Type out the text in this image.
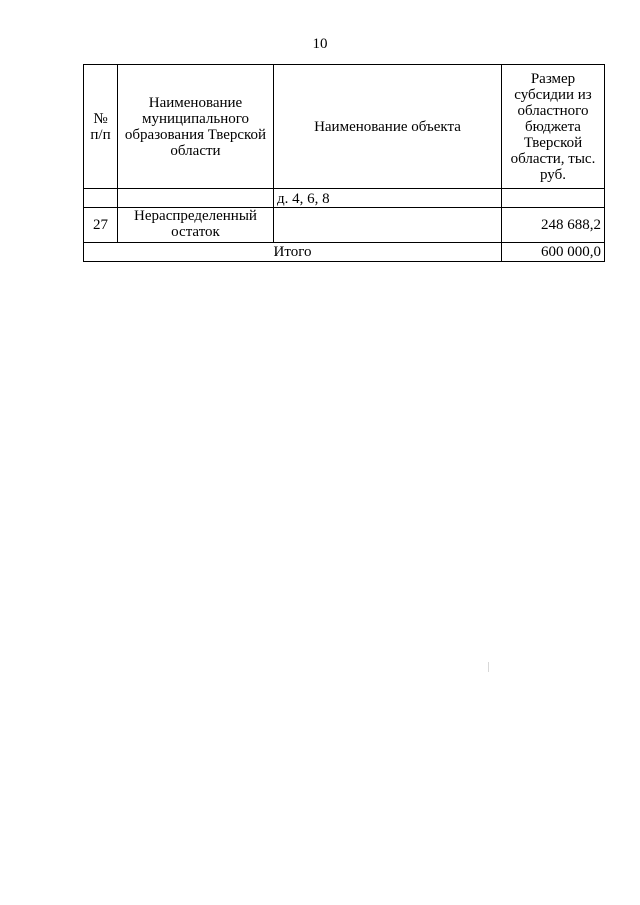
10
№ п/п	Наименование муниципального образования Тверской области	Наименование объекта	Размер субсидии из областного бюджета Тверской области, тыс. руб.
		д. 4, 6, 8	
27	Нераспределенный остаток		248 688,2
Итого			600 000,0
